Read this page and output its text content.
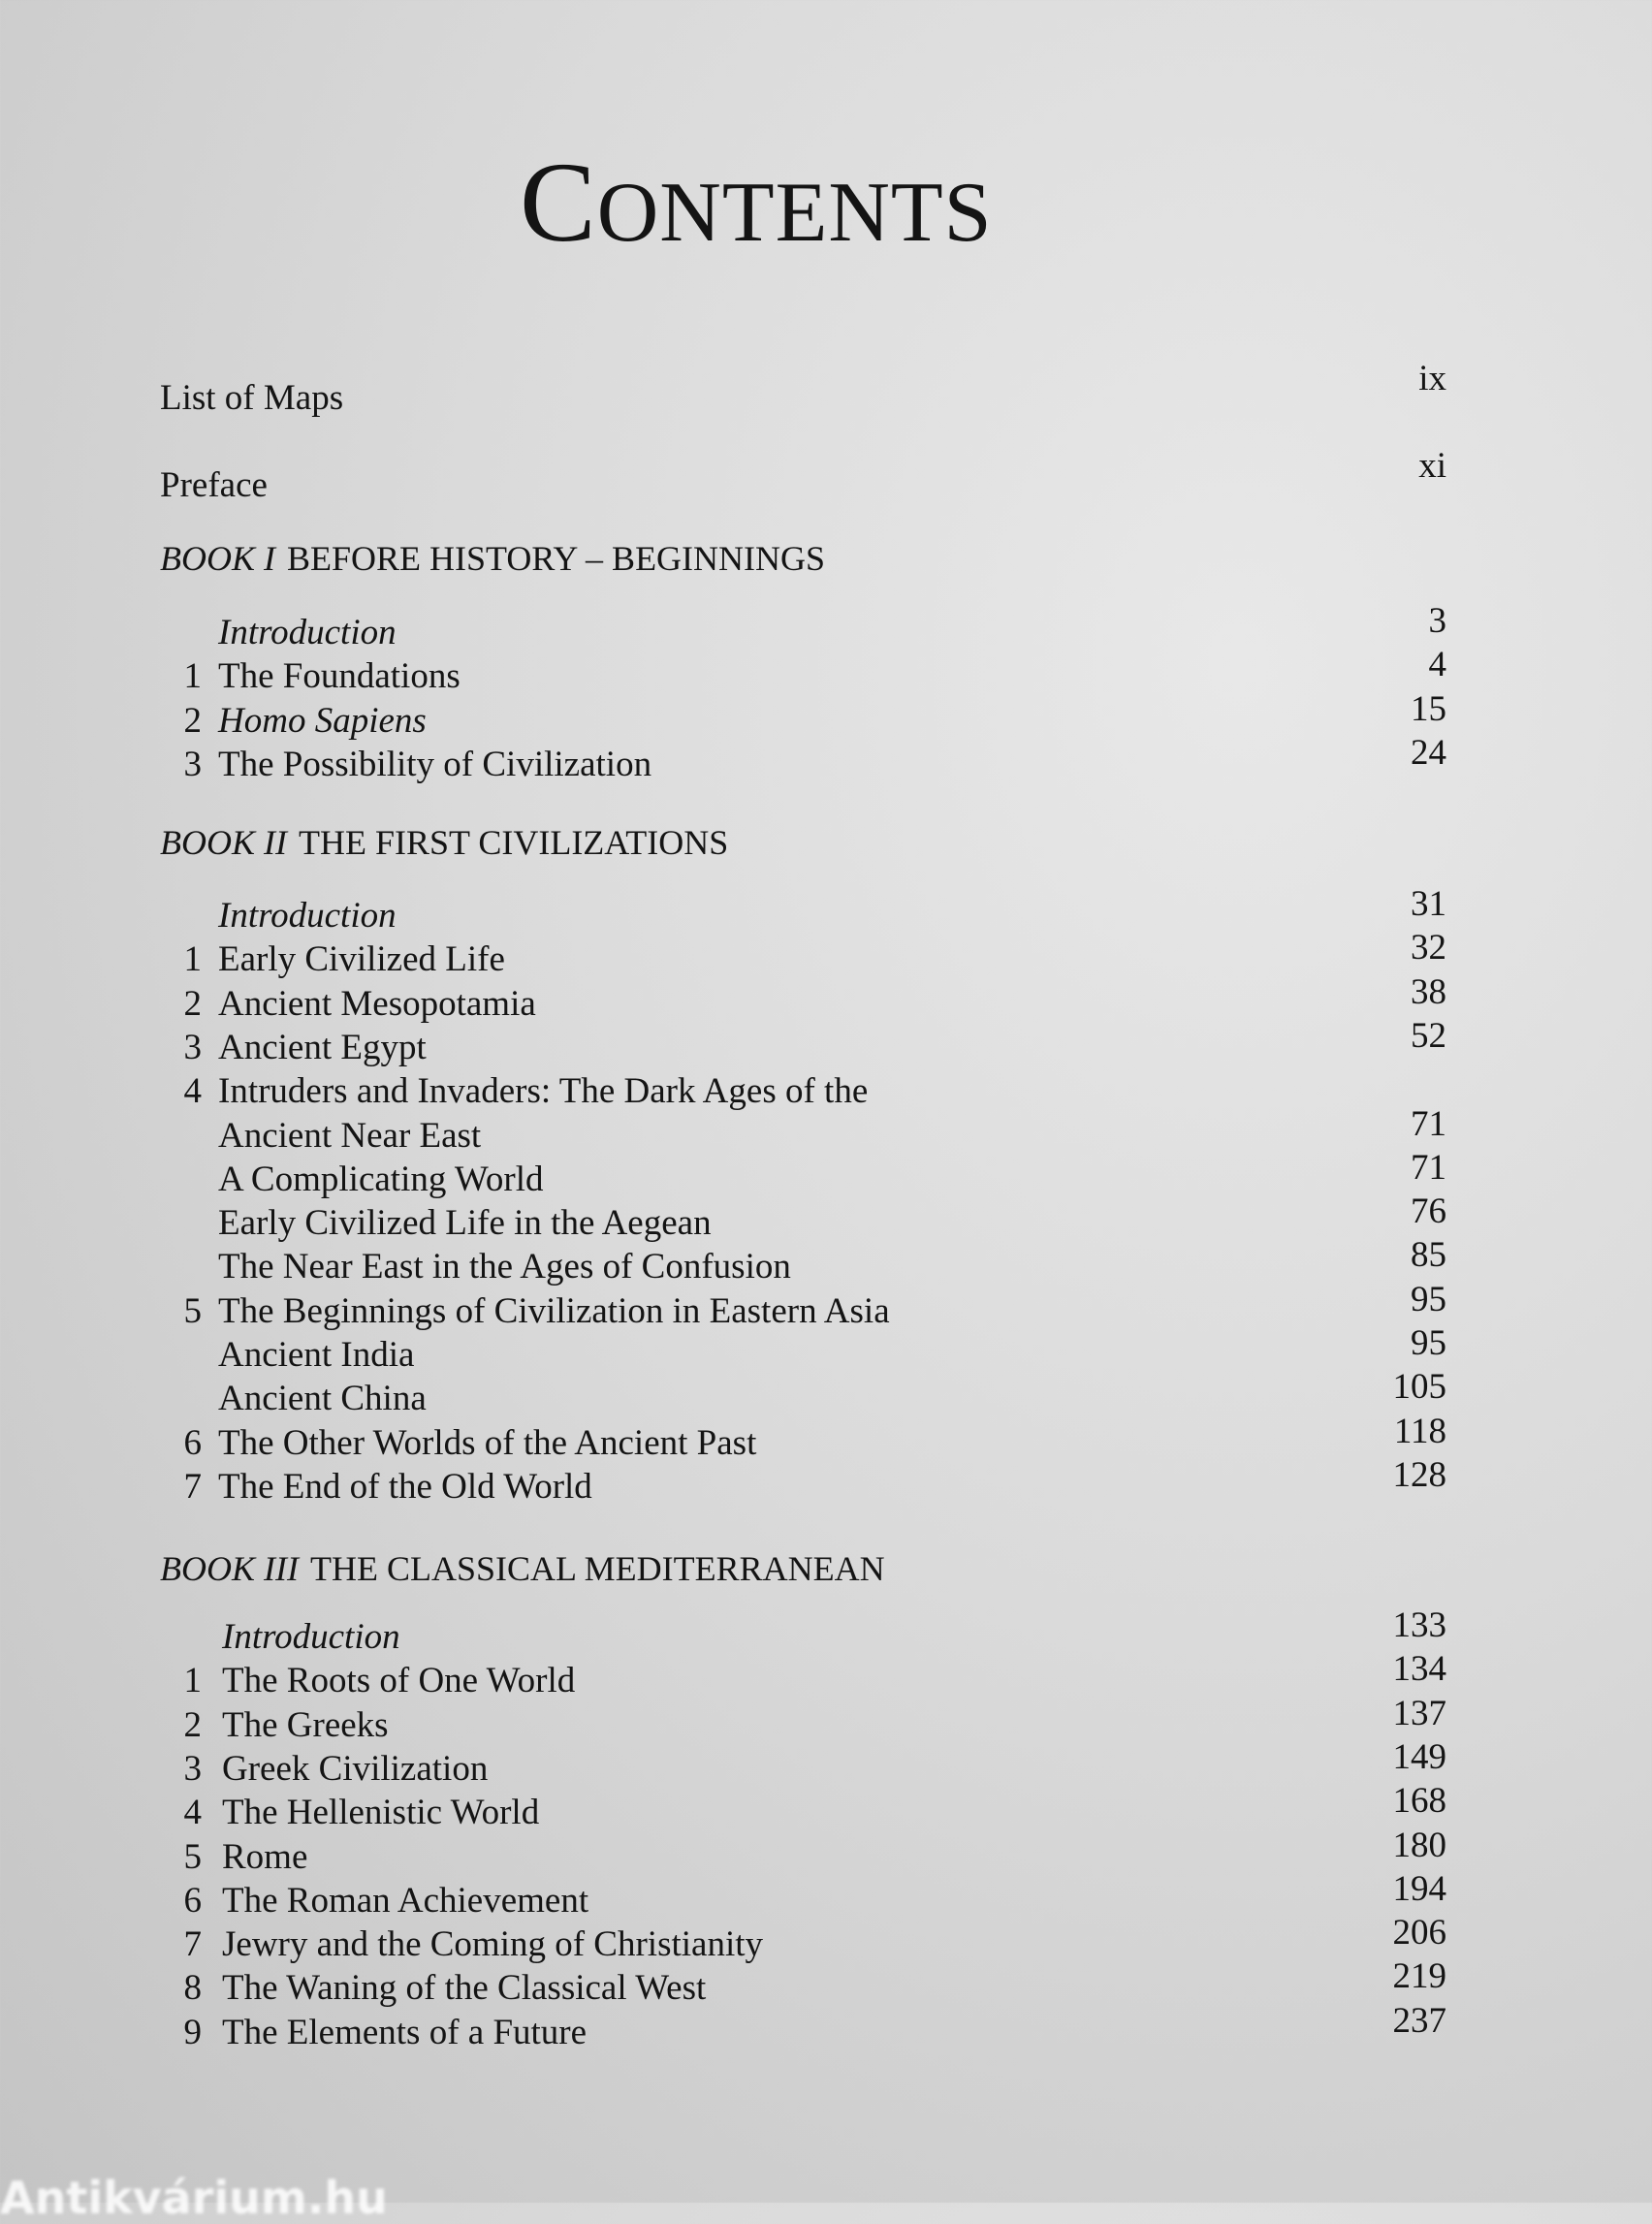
CONTENTS
List of Maps	ix
Preface	xi
BOOK I BEFORE HISTORY – BEGINNINGS
Introduction	3
1 The Foundations	4
2 Homo Sapiens	15
3 The Possibility of Civilization	24
BOOK II THE FIRST CIVILIZATIONS
Introduction	31
1 Early Civilized Life	32
2 Ancient Mesopotamia	38
3 Ancient Egypt	52
4 Intruders and Invaders: The Dark Ages of the
Ancient Near East	71
A Complicating World	71
Early Civilized Life in the Aegean	76
The Near East in the Ages of Confusion	85
5 The Beginnings of Civilization in Eastern Asia	95
Ancient India	95
Ancient China	105
6 The Other Worlds of the Ancient Past	118
7 The End of the Old World	128
BOOK III THE CLASSICAL MEDITERRANEAN
Introduction	133
1 The Roots of One World	134
2 The Greeks	137
3 Greek Civilization	149
4 The Hellenistic World	168
5 Rome	180
6 The Roman Achievement	194
7 Jewry and the Coming of Christianity	206
8 The Waning of the Classical West	219
9 The Elements of a Future	237
Antikvárium.hu
